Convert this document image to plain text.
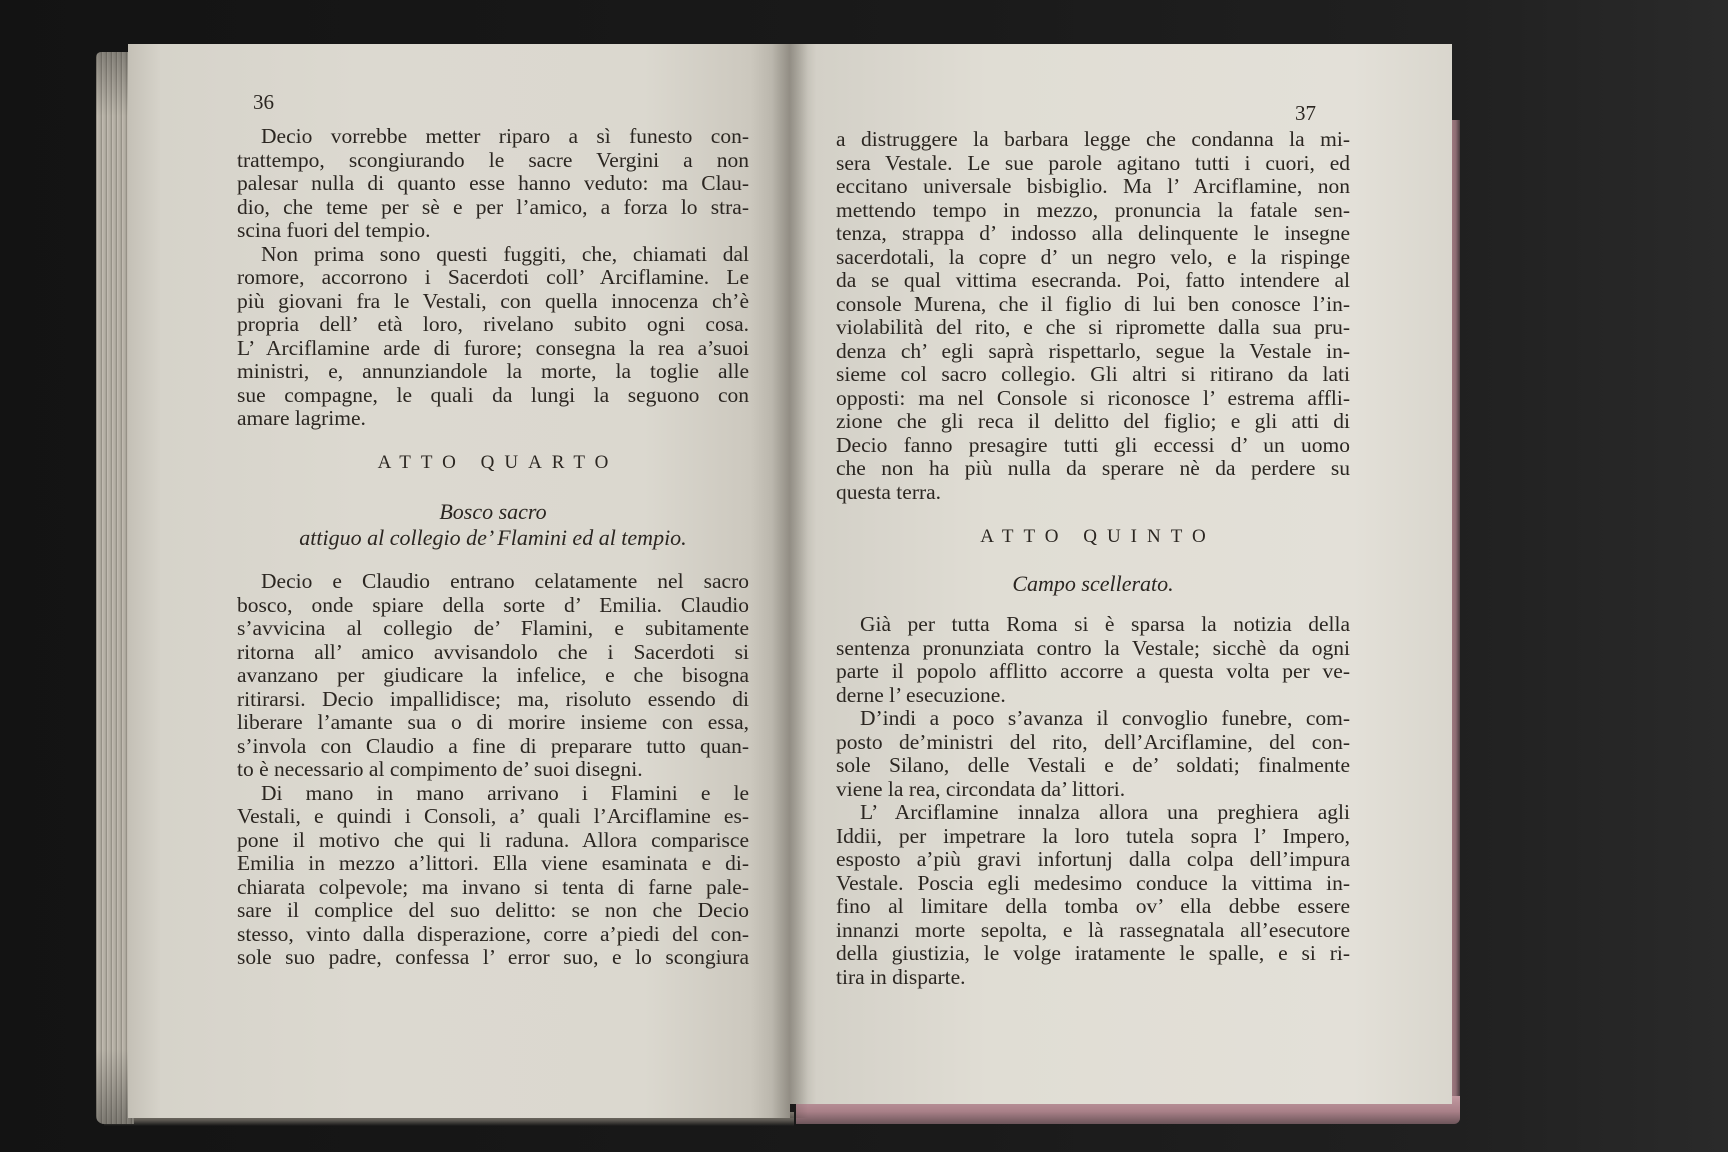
36
Decio vorrebbe metter riparo a sì funesto con-
trattempo, scongiurando le sacre Vergini a non
palesar nulla di quanto esse hanno veduto: ma Clau-
dio, che teme per sè e per l’amico, a forza lo stra-
scina fuori del tempio.
Non prima sono questi fuggiti, che, chiamati dal
romore, accorrono i Sacerdoti coll’ Arciflamine. Le
più giovani fra le Vestali, con quella innocenza ch’è
propria dell’ età loro, rivelano subito ogni cosa.
L’ Arciflamine arde di furore; consegna la rea a’suoi
ministri, e, annunziandole la morte, la toglie alle
sue compagne, le quali da lungi la seguono con
amare lagrime.
ATTO QUARTO
Bosco sacro
attiguo al collegio de’ Flamini ed al tempio.
Decio e Claudio entrano celatamente nel sacro
bosco, onde spiare della sorte d’ Emilia. Claudio
s’avvicina al collegio de’ Flamini, e subitamente
ritorna all’ amico avvisandolo che i Sacerdoti si
avanzano per giudicare la infelice, e che bisogna
ritirarsi. Decio impallidisce; ma, risoluto essendo di
liberare l’amante sua o di morire insieme con essa,
s’invola con Claudio a fine di preparare tutto quan-
to è necessario al compimento de’ suoi disegni.
Di mano in mano arrivano i Flamini e le
Vestali, e quindi i Consoli, a’ quali l’Arciflamine es-
pone il motivo che qui li raduna. Allora comparisce
Emilia in mezzo a’littori. Ella viene esaminata e di-
chiarata colpevole; ma invano si tenta di farne pale-
sare il complice del suo delitto: se non che Decio
stesso, vinto dalla disperazione, corre a’piedi del con-
sole suo padre, confessa l’ error suo, e lo scongiura
37
a distruggere la barbara legge che condanna la mi-
sera Vestale. Le sue parole agitano tutti i cuori, ed
eccitano universale bisbiglio. Ma l’ Arciflamine, non
mettendo tempo in mezzo, pronuncia la fatale sen-
tenza, strappa d’ indosso alla delinquente le insegne
sacerdotali, la copre d’ un negro velo, e la rispinge
da se qual vittima esecranda. Poi, fatto intendere al
console Murena, che il figlio di lui ben conosce l’in-
violabilità del rito, e che si ripromette dalla sua pru-
denza ch’ egli saprà rispettarlo, segue la Vestale in-
sieme col sacro collegio. Gli altri si ritirano da lati
opposti: ma nel Console si riconosce l’ estrema affli-
zione che gli reca il delitto del figlio; e gli atti di
Decio fanno presagire tutti gli eccessi d’ un uomo
che non ha più nulla da sperare nè da perdere su
questa terra.
ATTO QUINTO
Campo scellerato.
Già per tutta Roma si è sparsa la notizia della
sentenza pronunziata contro la Vestale; sicchè da ogni
parte il popolo afflitto accorre a questa volta per ve-
derne l’ esecuzione.
D’indi a poco s’avanza il convoglio funebre, com-
posto de’ministri del rito, dell’Arciflamine, del con-
sole Silano, delle Vestali e de’ soldati; finalmente
viene la rea, circondata da’ littori.
L’ Arciflamine innalza allora una preghiera agli
Iddii, per impetrare la loro tutela sopra l’ Impero,
esposto a’più gravi infortunj dalla colpa dell’impura
Vestale. Poscia egli medesimo conduce la vittima in-
fino al limitare della tomba ov’ ella debbe essere
innanzi morte sepolta, e là rassegnatala all’esecutore
della giustizia, le volge iratamente le spalle, e si ri-
tira in disparte.
